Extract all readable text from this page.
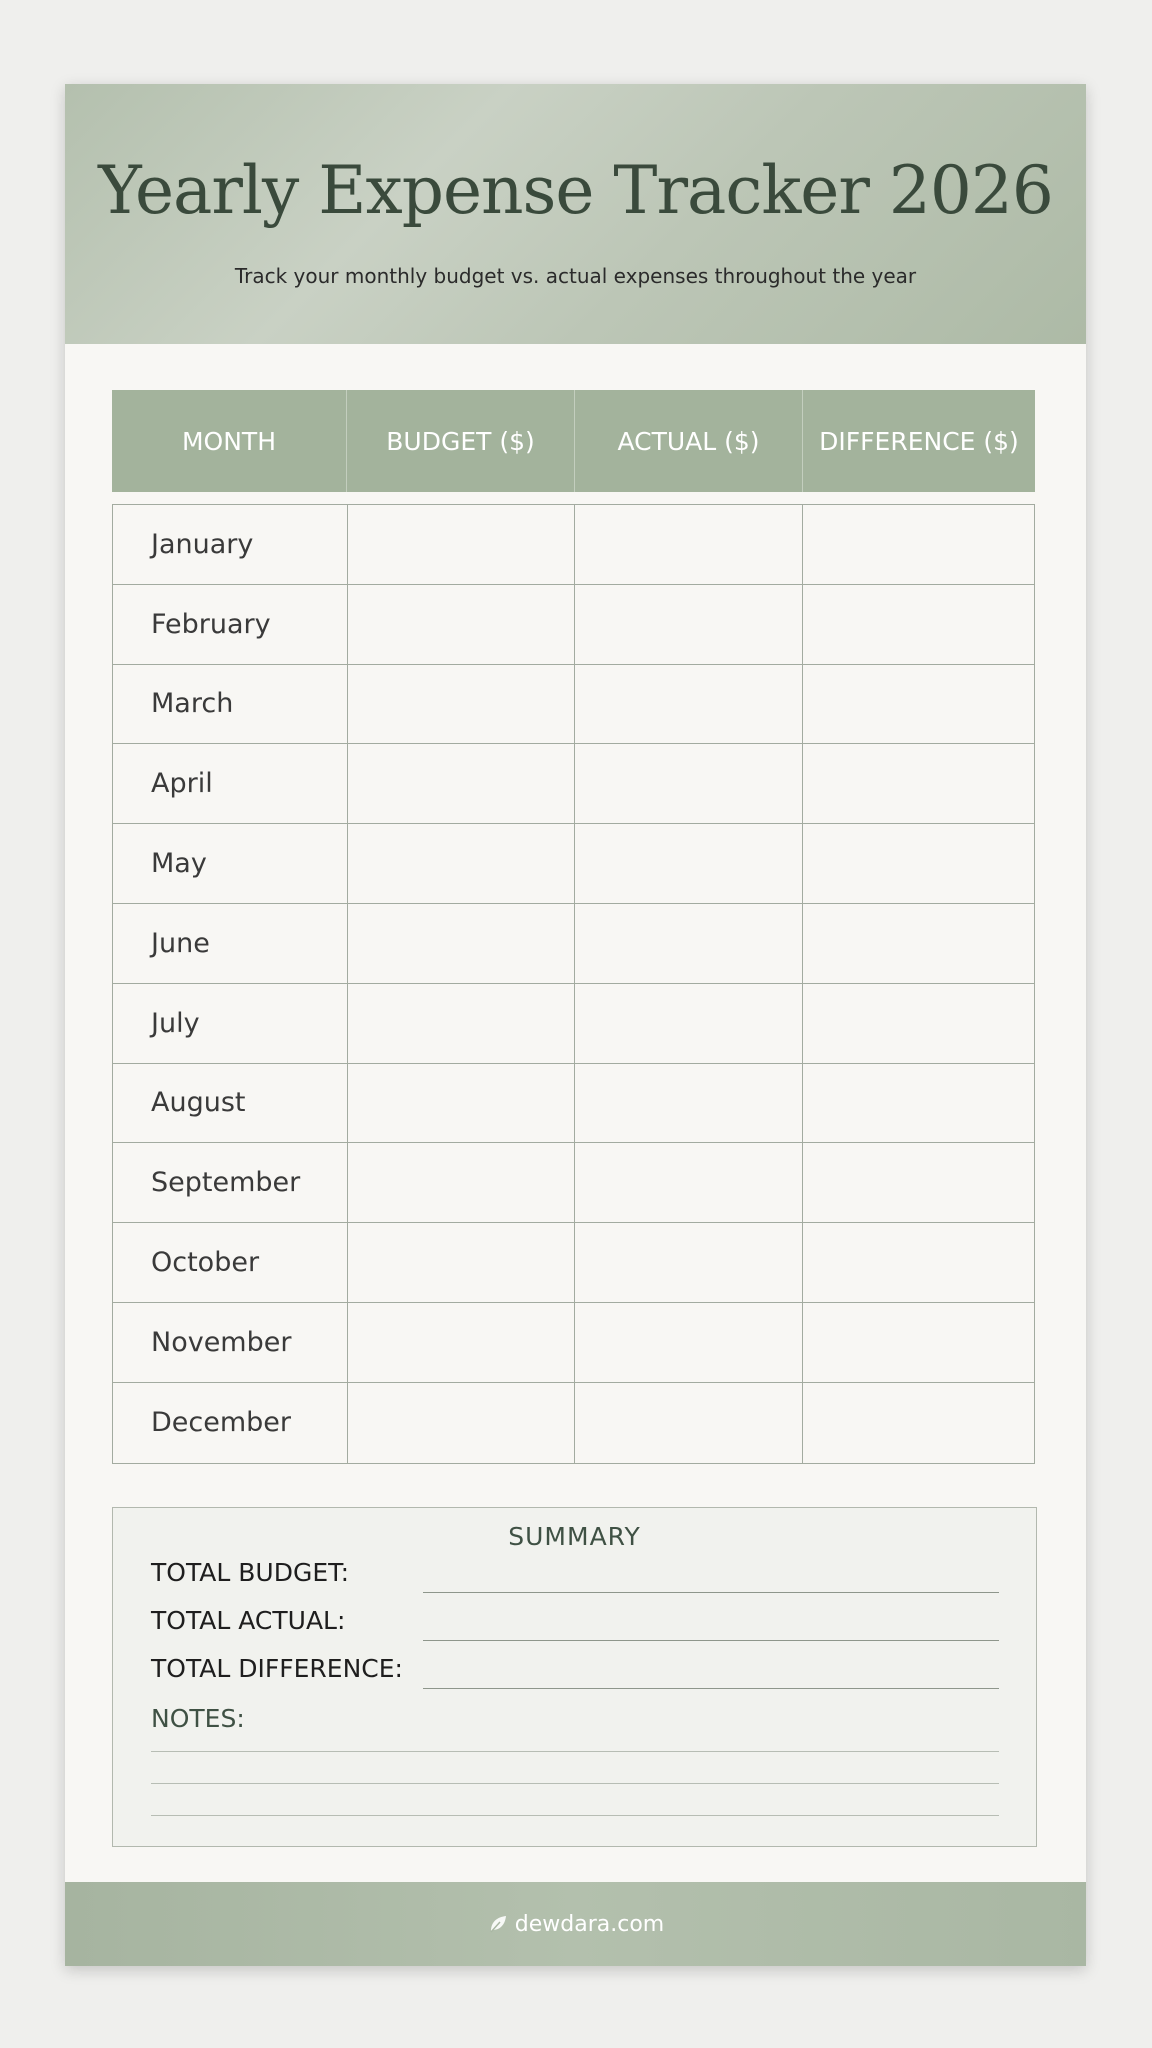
Yearly Expense Tracker 2026
Track your monthly budget vs. actual expenses throughout the year
MONTH	BUDGET ($)	ACTUAL ($)	DIFFERENCE ($)
January
February
March
April
May
June
July
August
September
October
November
December
SUMMARY
TOTAL BUDGET:
TOTAL ACTUAL:
TOTAL DIFFERENCE:
NOTES:
dewdara.com
